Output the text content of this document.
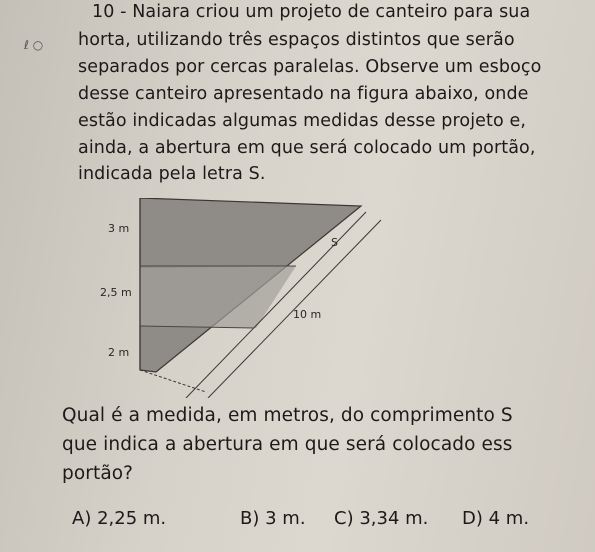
ℓ ○
10 - Naiara criou um projeto de canteiro para sua
horta, utilizando três espaços distintos que serão
separados por cercas paralelas. Observe um esboço
desse canteiro apresentado na figura abaixo, onde
estão indicadas algumas medidas desse projeto e,
ainda, a abertura em que será colocado um portão,
indicada pela letra S.
3 m
2,5 m
2 m
S
10 m
Qual é a medida, em metros, do comprimento S
que indica a abertura em que será colocado ess
portão?
A) 2,25 m.	B) 3 m. C) 3,34 m. D) 4 m.
